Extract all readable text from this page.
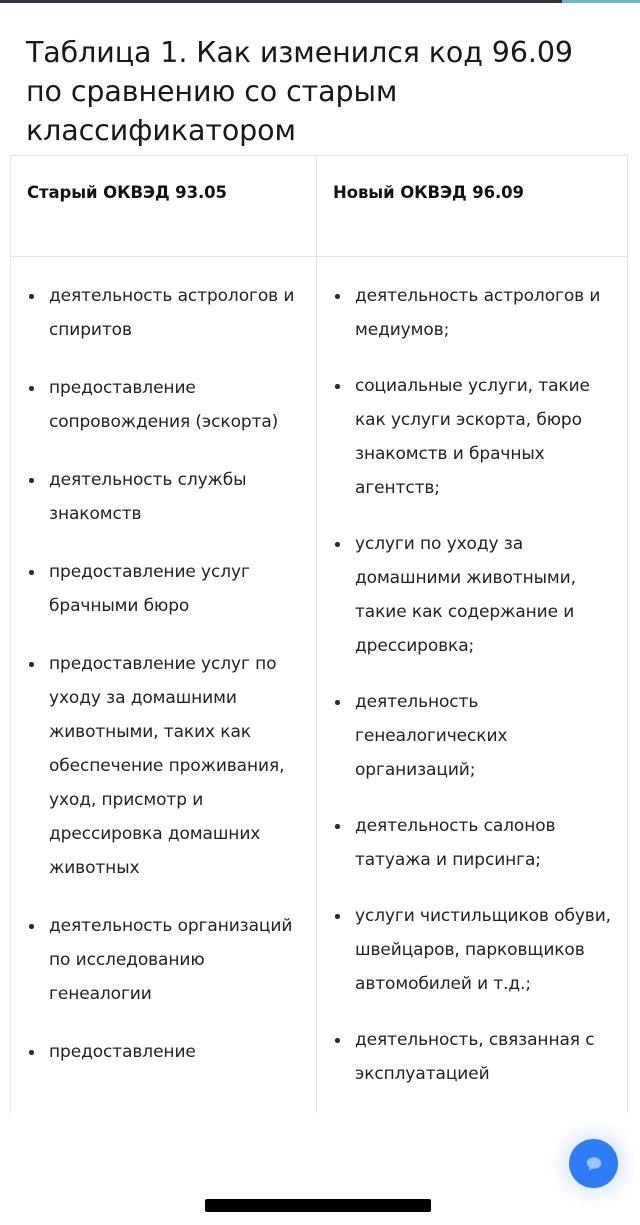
Таблица 1. Как изменился код 96.09 по сравнению со старым классификатором
Старый ОКВЭД 93.05	Новый ОКВЭД 96.09
деятельность астрологов и спиритов
предоставление сопровождения (эскорта)
деятельность службы знакомств
предоставление услуг брачными бюро
предоставление услуг по уходу за домашними животными, таких как обеспечение проживания, уход, присмотр и дрессировка домашних животных
деятельность организаций по исследованию генеалогии
предоставление
деятельность астрологов и медиумов;
социальные услуги, такие как услуги эскорта, бюро знакомств и брачных агентств;
услуги по уходу за домашними животными, такие как содержание и дрессировка;
деятельность генеалогических организаций;
деятельность салонов татуажа и пирсинга;
услуги чистильщиков обуви, швейцаров, парковщиков автомобилей и т.д.;
деятельность, связанная с эксплуатацией
